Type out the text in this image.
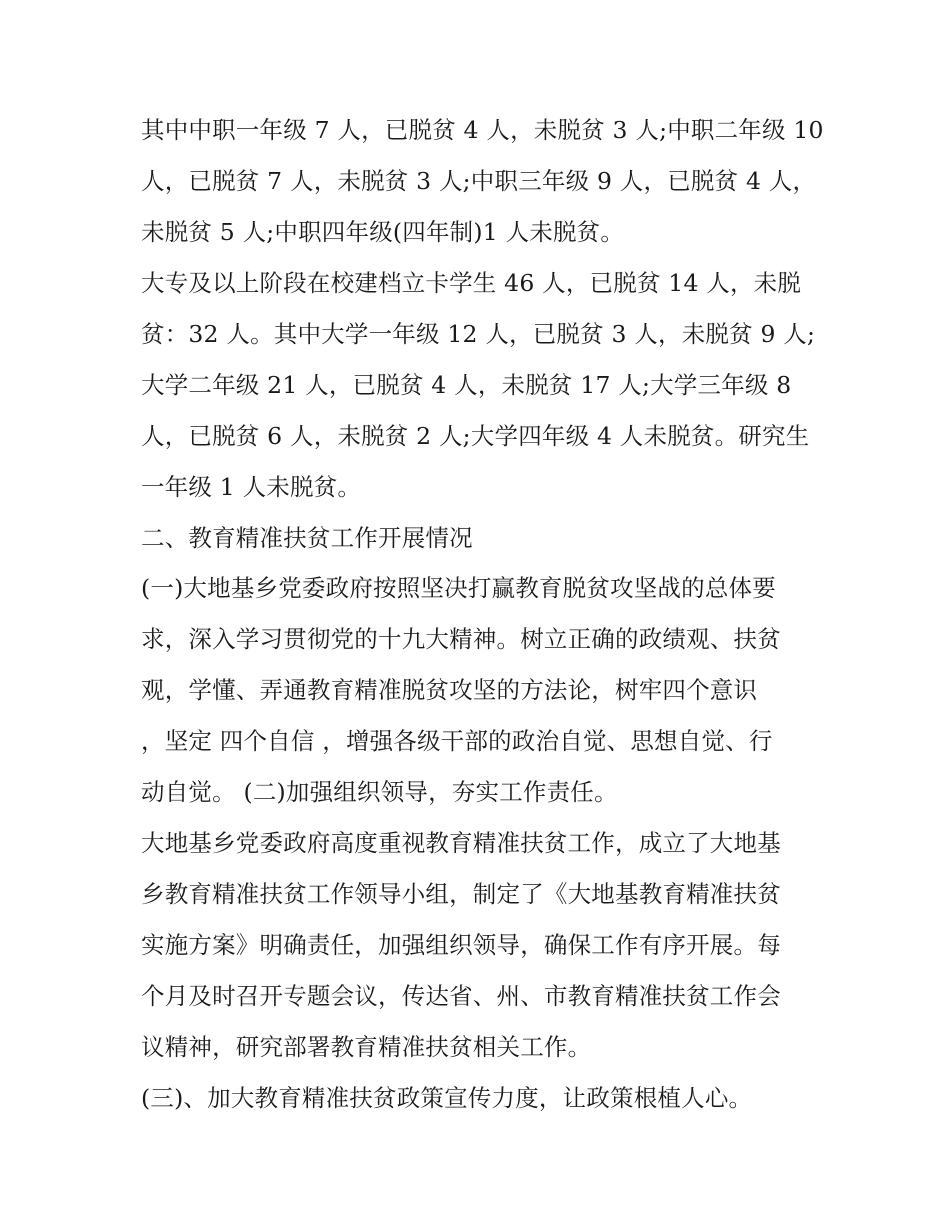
其中中职一年级 7 人，已脱贫 4 人，未脱贫 3 人;中职二年级 10
人，已脱贫 7 人，未脱贫 3 人;中职三年级 9 人，已脱贫 4 人，
未脱贫 5 人;中职四年级(四年制)1 人未脱贫。
大专及以上阶段在校建档立卡学生 46 人，已脱贫 14 人，未脱
贫：32 人。其中大学一年级 12 人，已脱贫 3 人，未脱贫 9 人;
大学二年级 21 人，已脱贫 4 人，未脱贫 17 人;大学三年级 8
人，已脱贫 6 人，未脱贫 2 人;大学四年级 4 人未脱贫。研究生
一年级 1 人未脱贫。
二、教育精准扶贫工作开展情况
(一)大地基乡党委政府按照坚决打赢教育脱贫攻坚战的总体要
求，深入学习贯彻党的十九大精神。树立正确的政绩观、扶贫
观，学懂、弄通教育精准脱贫攻坚的方法论，树牢四个意识
，坚定 四个自信 ，增强各级干部的政治自觉、思想自觉、行
动自觉。 (二)加强组织领导，夯实工作责任。
大地基乡党委政府高度重视教育精准扶贫工作，成立了大地基
乡教育精准扶贫工作领导小组，制定了《大地基教育精准扶贫
实施方案》明确责任，加强组织领导，确保工作有序开展。每
个月及时召开专题会议，传达省、州、市教育精准扶贫工作会
议精神，研究部署教育精准扶贫相关工作。
(三)、加大教育精准扶贫政策宣传力度，让政策根植人心。
